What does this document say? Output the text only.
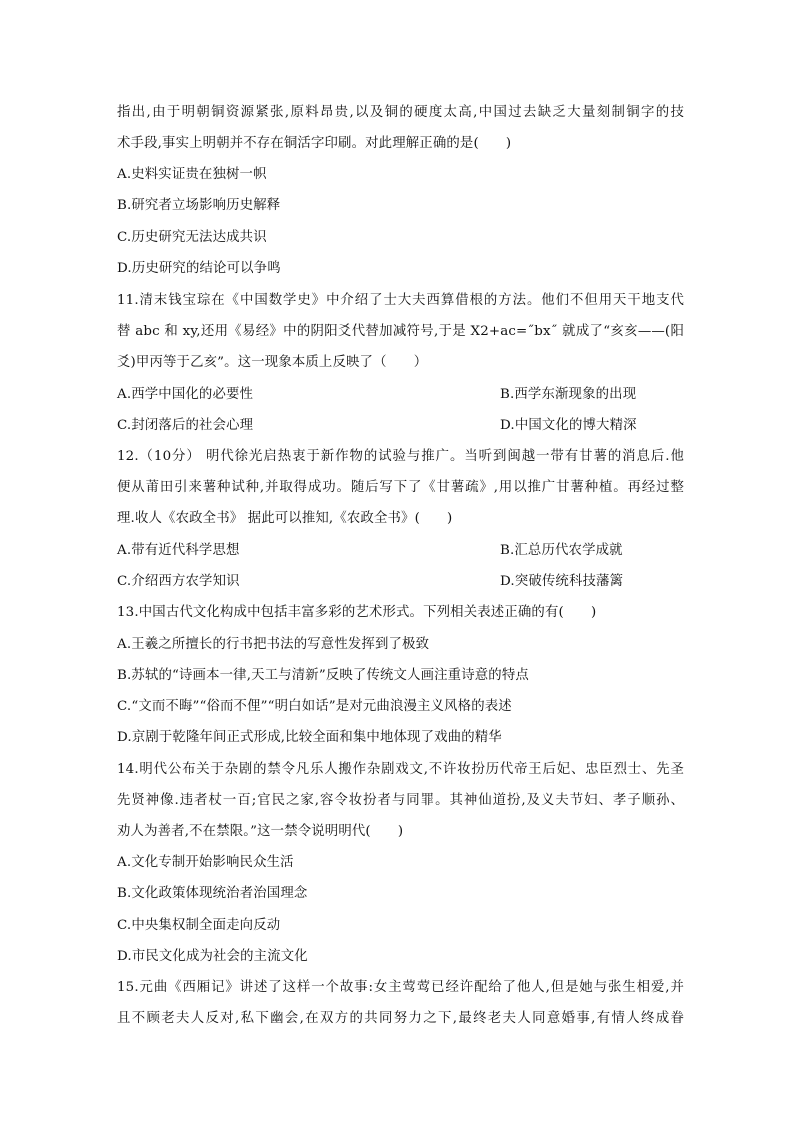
指出,由于明朝铜资源紧张,原料昂贵,以及铜的硬度太高,中国过去缺乏大量刻制铜字的技
术手段,事实上明朝并不存在铜活字印刷。对此理解正确的是(　　)
A.史料实证贵在独树一帜
B.研究者立场影响历史解释
C.历史研究无法达成共识
D.历史研究的结论可以争鸣
11.清末钱宝琮在《中国数学史》中介绍了士大夫西算借根的方法。他们不但用天干地支代
替 abc 和 xy,还用《易经》中的阴阳爻代替加减符号,于是 X2+ac=˝bx˝ 就成了“亥亥——(阳
爻)甲丙等于乙亥”。这一现象本质上反映了（　　）
A.西学中国化的必要性	B.西学东渐现象的出现
C.封闭落后的社会心理	D.中国文化的博大精深
12.（10分） 明代徐光启热衷于新作物的试验与推广。当听到闽越一带有甘薯的消息后.他
便从莆田引来薯种试种,并取得成功。随后写下了《甘薯疏》,用以推广甘薯种植。再经过整
理.收人《农政全书》 据此可以推知,《农政全书》(　　)
A.带有近代科学思想	B.汇总历代农学成就
C.介绍西方农学知识	D.突破传统科技藩篱
13.中国古代文化构成中包括丰富多彩的艺术形式。下列相关表述正确的有(　　)
A.王羲之所擅长的行书把书法的写意性发挥到了极致
B.苏轼的“诗画本一律,天工与清新”反映了传统文人画注重诗意的特点
C.“文而不晦”“俗而不俚”“明白如话”是对元曲浪漫主义风格的表述
D.京剧于乾隆年间正式形成,比较全面和集中地体现了戏曲的精华
14.明代公布关于杂剧的禁令凡乐人搬作杂剧戏文,不许妆扮历代帝王后妃、忠臣烈士、先圣
先贤神像.违者杖一百;官民之家,容令妆扮者与同罪。其神仙道扮,及义夫节妇、孝子顺孙、
劝人为善者,不在禁限。”这一禁令说明明代(　　)
A.文化专制开始影响民众生活
B.文化政策体现统治者治国理念
C.中央集权制全面走向反动
D.市民文化成为社会的主流文化
15.元曲《西厢记》讲述了这样一个故事:女主莺莺已经许配给了他人,但是她与张生相爱,并
且不顾老夫人反对,私下幽会,在双方的共同努力之下,最终老夫人同意婚事,有情人终成眷
